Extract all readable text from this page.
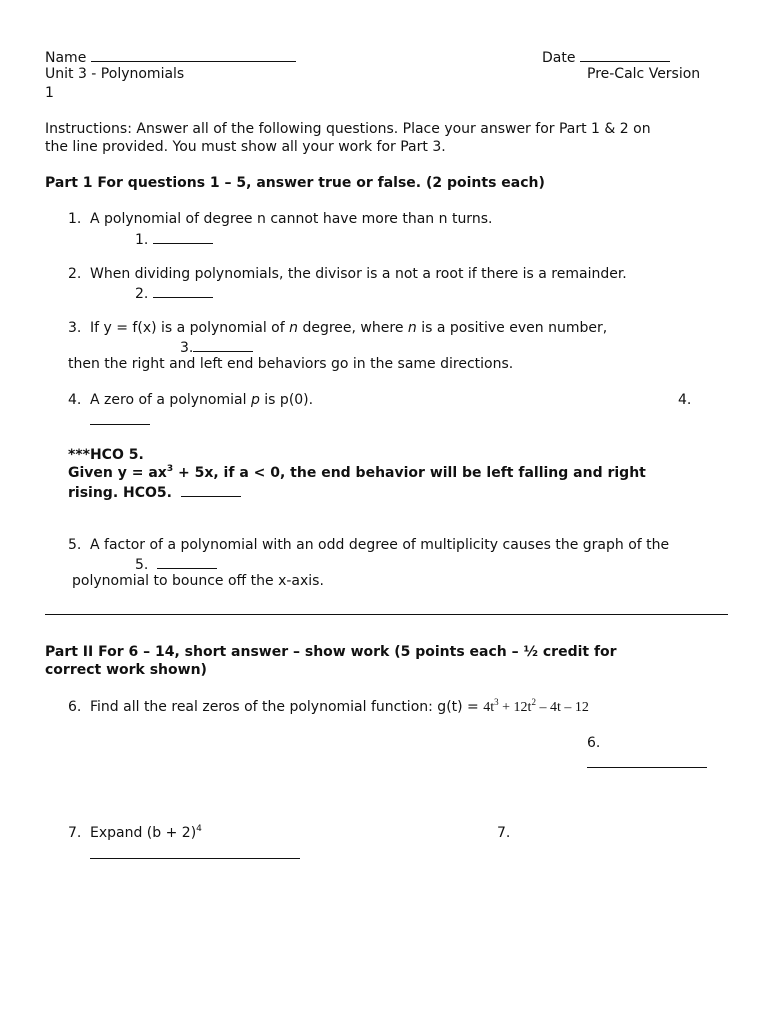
Name	Date
Unit 3 - Polynomials	Pre-Calc Version
1
Instructions: Answer all of the following questions. Place your answer for Part 1 & 2 on
the line provided. You must show all your work for Part 3.
Part 1 For questions 1 – 5, answer true or false. (2 points each)
1. A polynomial of degree n cannot have more than n turns.
1.
2. When dividing polynomials, the divisor is a not a root if there is a remainder.
2.
3. If y = f(x) is a polynomial of n degree, where n is a positive even number,
3.
then the right and left end behaviors go in the same directions.
4. A zero of a polynomial p is p(0).	4.
***HCO 5.
Given $y = ax^3 + 5x$, if a < 0, the end behavior will be left falling and right
rising. HCO5.
5. A factor of a polynomial with an odd degree of multiplicity causes the graph of the
5.
polynomial to bounce off the x-axis.
Part II For 6 – 14, short answer – show work (5 points each – ½ credit for
correct work shown)
6. Find all the real zeros of the polynomial function: $g(t) = 4t^3 + 12t^2 - 4t - 12$
6.
7. Expand $(b + 2)^4$	7.
